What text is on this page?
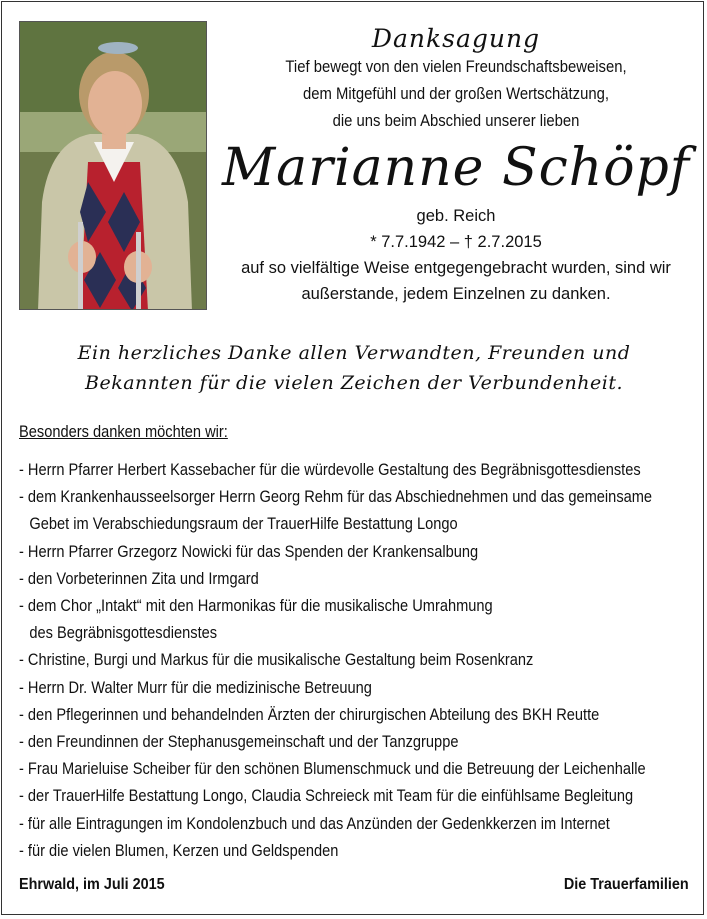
Danksagung

Tief bewegt von den vielen Freundschaftsbeweisen,

dem Mitgefühl und der großen Wertschätzung,

die uns beim Abschied unserer lieben

Marianne Schöpf

geb. Reich

* 7.7.1942 – † 2.7.2015

auf so vielfältige Weise entgegengebracht wurden, sind wir

außerstande, jedem Einzelnen zu danken.

Ein herzliches Danke allen Verwandten, Freunden und
Bekannten für die vielen Zeichen der Verbundenheit.

Besonders danken möchten wir:

- Herrn Pfarrer Herbert Kassebacher für die würdevolle Gestaltung des Begräbnisgottesdienstes
- dem Krankenhausseelsorger Herrn Georg Rehm für das Abschiednehmen und das gemeinsame
Gebet im Verabschiedungsraum der TrauerHilfe Bestattung Longo
- Herrn Pfarrer Grzegorz Nowicki für das Spenden der Krankensalbung
- den Vorbeterinnen Zita und Irmgard
- dem Chor „Intakt“ mit den Harmonikas für die musikalische Umrahmung
des Begräbnisgottesdienstes
- Christine, Burgi und Markus für die musikalische Gestaltung beim Rosenkranz
- Herrn Dr. Walter Murr für die medizinische Betreuung
- den Pflegerinnen und behandelnden Ärzten der chirurgischen Abteilung des BKH Reutte
- den Freundinnen der Stephanusgemeinschaft und der Tanzgruppe
- Frau Marieluise Scheiber für den schönen Blumenschmuck und die Betreuung der Leichenhalle
- der TrauerHilfe Bestattung Longo, Claudia Schreieck mit Team für die einfühlsame Begleitung
- für alle Eintragungen im Kondolenzbuch und das Anzünden der Gedenkkerzen im Internet
- für die vielen Blumen, Kerzen und Geldspenden
Ehrwald, im Juli 2015	Die Trauerfamilien
